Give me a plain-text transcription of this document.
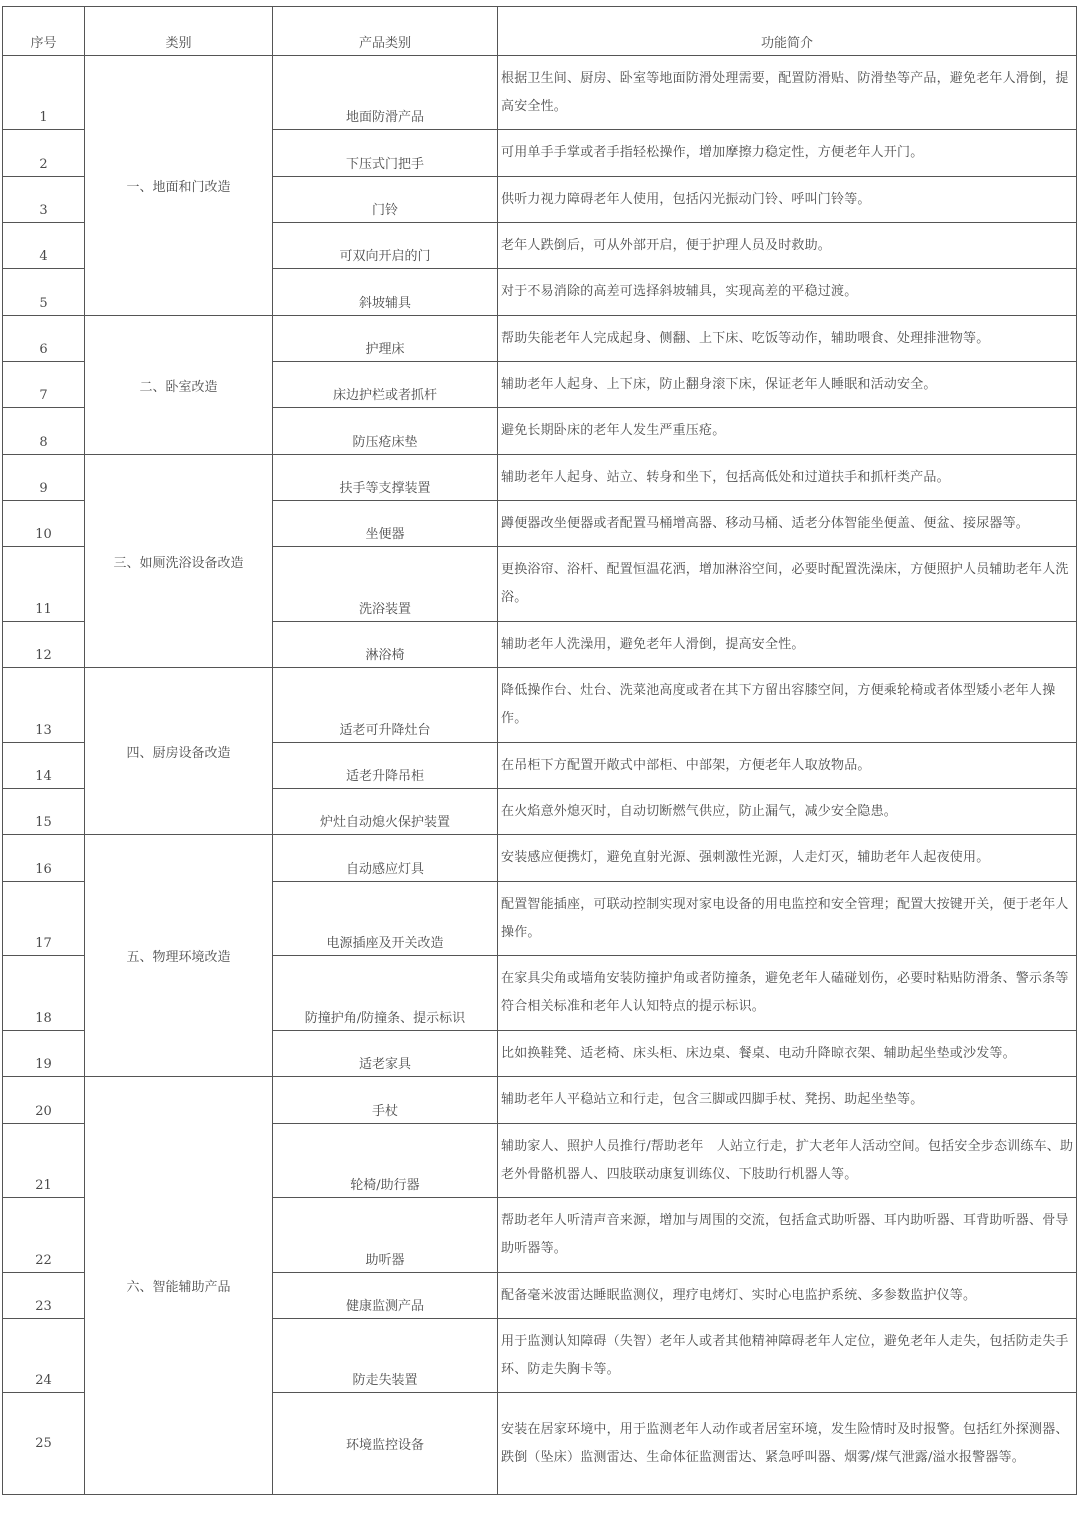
序号	类别	产品类别	功能简介
1	一、地面和门改造	地面防滑产品	根据卫生间、厨房、卧室等地面防滑处理需要，配置防滑贴、防滑垫等产品，避免老年人滑倒，提高安全性。
2		下压式门把手	可用单手手掌或者手指轻松操作，增加摩擦力稳定性，方便老年人开门。
3		门铃	供听力视力障碍老年人使用，包括闪光振动门铃、呼叫门铃等。
4		可双向开启的门	老年人跌倒后，可从外部开启，便于护理人员及时救助。
5		斜坡辅具	对于不易消除的高差可选择斜坡辅具，实现高差的平稳过渡。
6	二、卧室改造	护理床	帮助失能老年人完成起身、侧翻、上下床、吃饭等动作，辅助喂食、处理排泄物等。
7		床边护栏或者抓杆	辅助老年人起身、上下床，防止翻身滚下床，保证老年人睡眠和活动安全。
8		防压疮床垫	避免长期卧床的老年人发生严重压疮。
9	三、如厕洗浴设备改造	扶手等支撑装置	辅助老年人起身、站立、转身和坐下，包括高低处和过道扶手和抓杆类产品。
10		坐便器	蹲便器改坐便器或者配置马桶增高器、移动马桶、适老分体智能坐便盖、便盆、接尿器等。
11		洗浴装置	更换浴帘、浴杆、配置恒温花洒，增加淋浴空间，必要时配置洗澡床，方便照护人员辅助老年人洗浴。
12		淋浴椅	辅助老年人洗澡用，避免老年人滑倒，提高安全性。
13	四、厨房设备改造	适老可升降灶台	降低操作台、灶台、洗菜池高度或者在其下方留出容膝空间，方便乘轮椅或者体型矮小老年人操作。
14		适老升降吊柜	在吊柜下方配置开敞式中部柜、中部架，方便老年人取放物品。
15		炉灶自动熄火保护装置	在火焰意外熄灭时，自动切断燃气供应，防止漏气，减少安全隐患。
16	五、物理环境改造	自动感应灯具	安装感应便携灯，避免直射光源、强刺激性光源，人走灯灭，辅助老年人起夜使用。
17		电源插座及开关改造	配置智能插座，可联动控制实现对家电设备的用电监控和安全管理；配置大按键开关，便于老年人操作。
18		防撞护角/防撞条、提示标识	在家具尖角或墙角安装防撞护角或者防撞条，避免老年人磕碰划伤，必要时粘贴防滑条、警示条等符合相关标准和老年人认知特点的提示标识。
19		适老家具	比如换鞋凳、适老椅、床头柜、床边桌、餐桌、电动升降晾衣架、辅助起坐垫或沙发等。
20	六、智能辅助产品	手杖	辅助老年人平稳站立和行走，包含三脚或四脚手杖、凳拐、助起坐垫等。
21		轮椅/助行器	辅助家人、照护人员推行/帮助老年　人站立行走，扩大老年人活动空间。包括安全步态训练车、助老外骨骼机器人、四肢联动康复训练仪、下肢助行机器人等。
22		助听器	帮助老年人听清声音来源，增加与周围的交流，包括盒式助听器、耳内助听器、耳背助听器、骨导助听器等。
23		健康监测产品	配备毫米波雷达睡眠监测仪，理疗电烤灯、实时心电监护系统、多参数监护仪等。
24		防走失装置	用于监测认知障碍（失智）老年人或者其他精神障碍老年人定位，避免老年人走失，包括防走失手环、防走失胸卡等。
25		环境监控设备	安装在居家环境中，用于监测老年人动作或者居室环境，发生险情时及时报警。包括红外探测器、跌倒（坠床）监测雷达、生命体征监测雷达、紧急呼叫器、烟雾/煤气泄露/溢水报警器等。
